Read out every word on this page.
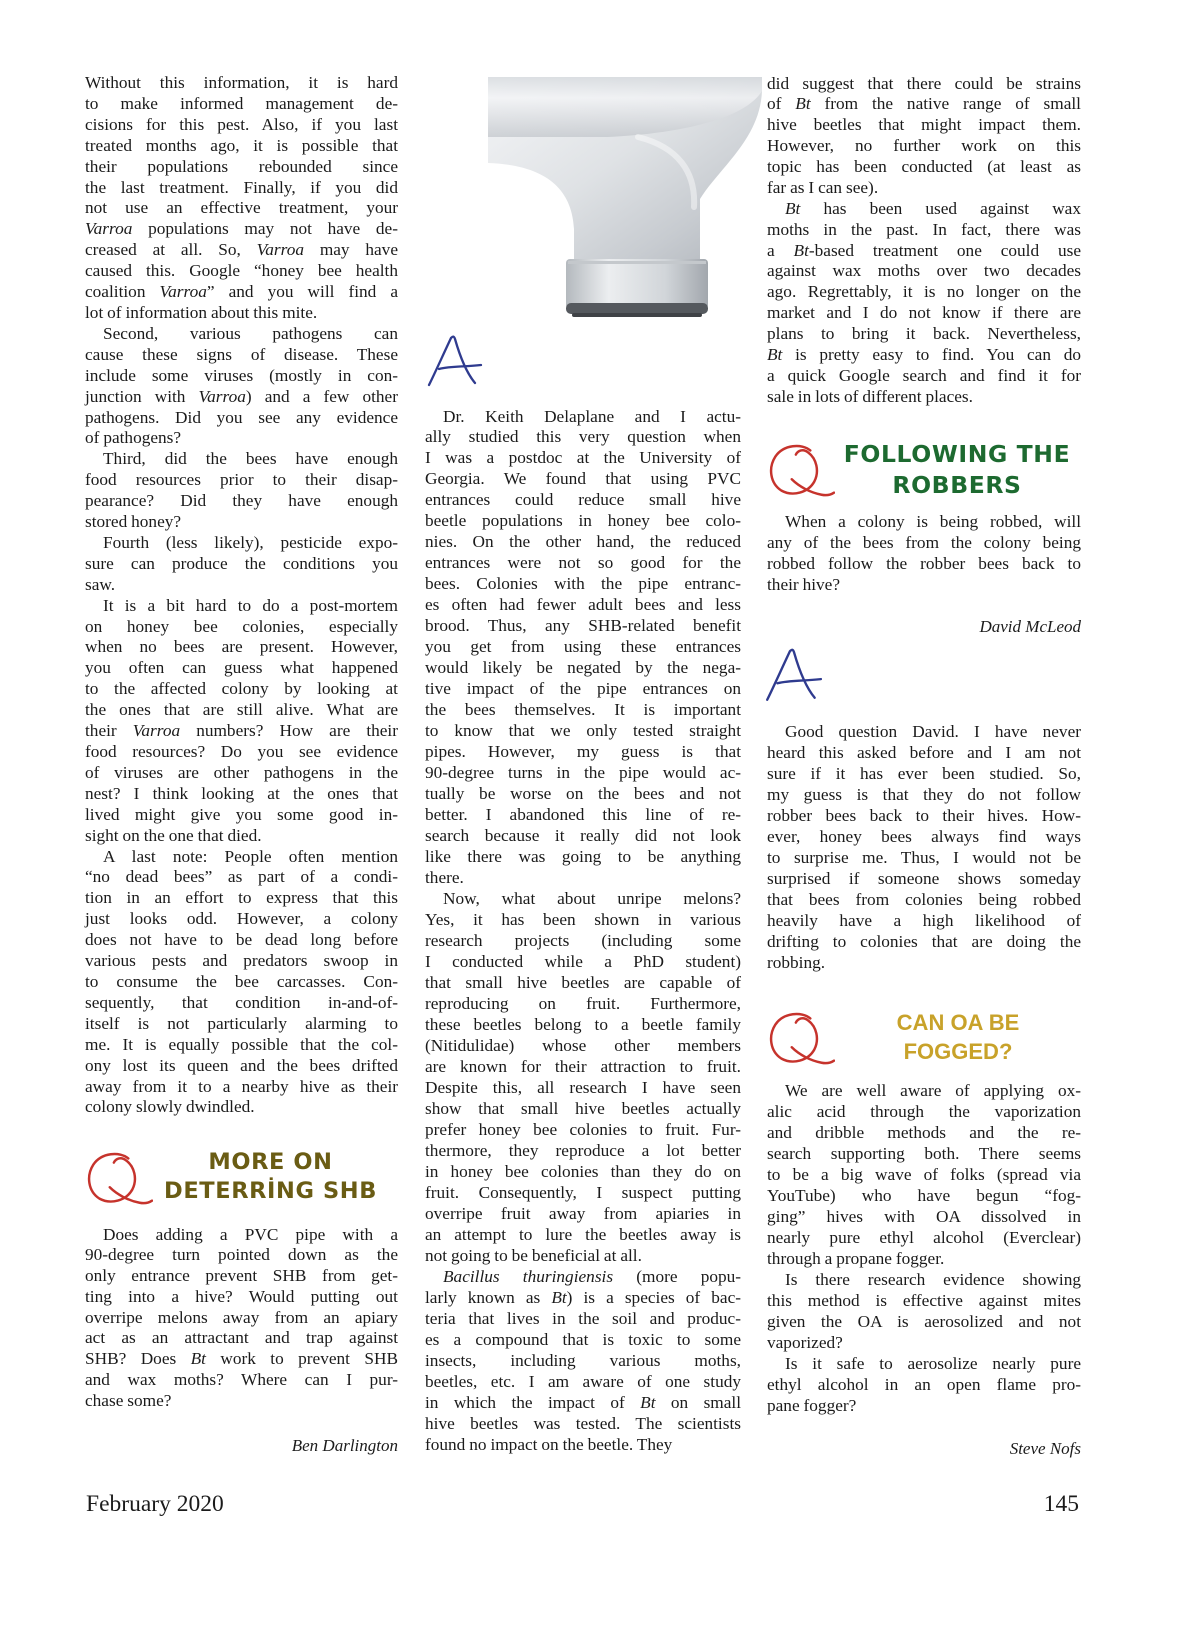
Without this information, it is hard
to make informed management de-
cisions for this pest. Also, if you last
treated months ago, it is possible that
their populations rebounded since
the last treatment. Finally, if you did
not use an effective treatment, your
Varroa populations may not have de-
creased at all. So, Varroa may have
caused this. Google “honey bee health
coalition Varroa” and you will find a
lot of information about this mite.
Second, various pathogens can
cause these signs of disease. These
include some viruses (mostly in con-
junction with Varroa) and a few other
pathogens. Did you see any evidence
of pathogens?
Third, did the bees have enough
food resources prior to their disap-
pearance? Did they have enough
stored honey?
Fourth (less likely), pesticide expo-
sure can produce the conditions you
saw.
It is a bit hard to do a post-mortem
on honey bee colonies, especially
when no bees are present. However,
you often can guess what happened
to the affected colony by looking at
the ones that are still alive. What are
their Varroa numbers? How are their
food resources? Do you see evidence
of viruses are other pathogens in the
nest? I think looking at the ones that
lived might give you some good in-
sight on the one that died.
A last note: People often mention
“no dead bees” as part of a condi-
tion in an effort to express that this
just looks odd. However, a colony
does not have to be dead long before
various pests and predators swoop in
to consume the bee carcasses. Con-
sequently, that condition in-and-of-
itself is not particularly alarming to
me. It is equally possible that the col-
ony lost its queen and the bees drifted
away from it to a nearby hive as their
colony slowly dwindled.
MORE ON
DETERRİNG SHB
Does adding a PVC pipe with a
90-degree turn pointed down as the
only entrance prevent SHB from get-
ting into a hive? Would putting out
overripe melons away from an apiary
act as an attractant and trap against
SHB? Does Bt work to prevent SHB
and wax moths? Where can I pur-
chase some?
Ben Darlington
Dr. Keith Delaplane and I actu-
ally studied this very question when
I was a postdoc at the University of
Georgia. We found that using PVC
entrances could reduce small hive
beetle populations in honey bee colo-
nies. On the other hand, the reduced
entrances were not so good for the
bees. Colonies with the pipe entranc-
es often had fewer adult bees and less
brood. Thus, any SHB-related benefit
you get from using these entrances
would likely be negated by the nega-
tive impact of the pipe entrances on
the bees themselves. It is important
to know that we only tested straight
pipes. However, my guess is that
90-degree turns in the pipe would ac-
tually be worse on the bees and not
better. I abandoned this line of re-
search because it really did not look
like there was going to be anything
there.
Now, what about unripe melons?
Yes, it has been shown in various
research projects (including some
I conducted while a PhD student)
that small hive beetles are capable of
reproducing on fruit. Furthermore,
these beetles belong to a beetle family
(Nitidulidae) whose other members
are known for their attraction to fruit.
Despite this, all research I have seen
show that small hive beetles actually
prefer honey bee colonies to fruit. Fur-
thermore, they reproduce a lot better
in honey bee colonies than they do on
fruit. Consequently, I suspect putting
overripe fruit away from apiaries in
an attempt to lure the beetles away is
not going to be beneficial at all.
Bacillus thuringiensis (more popu-
larly known as Bt) is a species of bac-
teria that lives in the soil and produc-
es a compound that is toxic to some
insects, including various moths,
beetles, etc. I am aware of one study
in which the impact of Bt on small
hive beetles was tested. The scientists
found no impact on the beetle. They
did suggest that there could be strains
of Bt from the native range of small
hive beetles that might impact them.
However, no further work on this
topic has been conducted (at least as
far as I can see).
Bt has been used against wax
moths in the past. In fact, there was
a Bt-based treatment one could use
against wax moths over two decades
ago. Regrettably, it is no longer on the
market and I do not know if there are
plans to bring it back. Nevertheless,
Bt is pretty easy to find. You can do
a quick Google search and find it for
sale in lots of different places.
FOLLOWING THE
ROBBERS
When a colony is being robbed, will
any of the bees from the colony being
robbed follow the robber bees back to
their hive?
David McLeod
Good question David. I have never
heard this asked before and I am not
sure if it has ever been studied. So,
my guess is that they do not follow
robber bees back to their hives. How-
ever, honey bees always find ways
to surprise me. Thus, I would not be
surprised if someone shows someday
that bees from colonies being robbed
heavily have a high likelihood of
drifting to colonies that are doing the
robbing.
CAN OA BE
FOGGED?
We are well aware of applying ox-
alic acid through the vaporization
and dribble methods and the re-
search supporting both. There seems
to be a big wave of folks (spread via
YouTube) who have begun “fog-
ging” hives with OA dissolved in
nearly pure ethyl alcohol (Everclear)
through a propane fogger.
Is there research evidence showing
this method is effective against mites
given the OA is aerosolized and not
vaporized?
Is it safe to aerosolize nearly pure
ethyl alcohol in an open flame pro-
pane fogger?
Steve Nofs
February 2020	145
